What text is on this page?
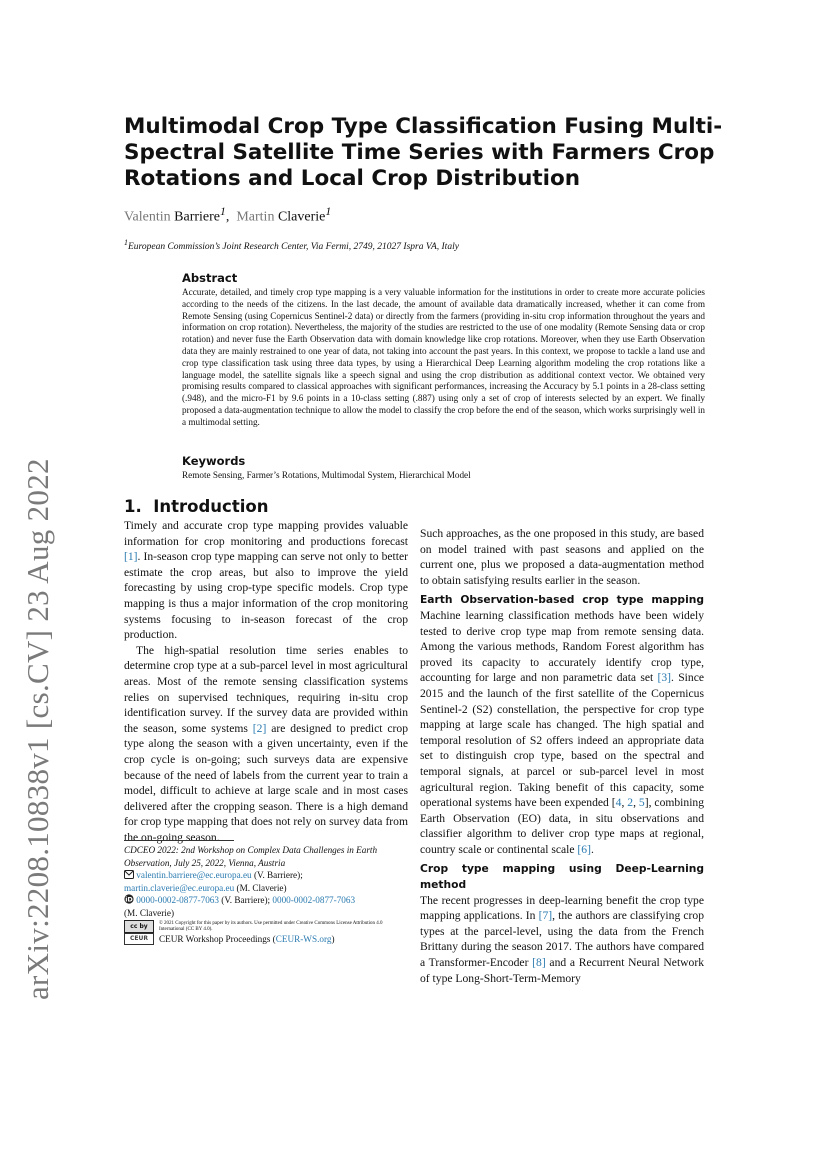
arXiv:2208.10838v1 [cs.CV] 23 Aug 2022
Multimodal Crop Type Classification Fusing Multi-Spectral Satellite Time Series with Farmers Crop Rotations and Local Crop Distribution
Valentin Barriere$^1$,  Martin Claverie$^1$
$^1$European Commission’s Joint Research Center, Via Fermi, 2749, 21027 Ispra VA, Italy
Abstract
Accurate, detailed, and timely crop type mapping is a very valuable information for the institutions in order to create more accurate policies according to the needs of the citizens. In the last decade, the amount of available data dramatically increased, whether it can come from Remote Sensing (using Copernicus Sentinel-2 data) or directly from the farmers (providing in-situ crop information throughout the years and information on crop rotation). Nevertheless, the majority of the studies are restricted to the use of one modality (Remote Sensing data or crop rotation) and never fuse the Earth Observation data with domain knowledge like crop rotations. Moreover, when they use Earth Observation data they are mainly restrained to one year of data, not taking into account the past years. In this context, we propose to tackle a land use and crop type classification task using three data types, by using a Hierarchical Deep Learning algorithm modeling the crop rotations like a language model, the satellite signals like a speech signal and using the crop distribution as additional context vector. We obtained very promising results compared to classical approaches with significant performances, increasing the Accuracy by 5.1 points in a 28-class setting (.948), and the micro-F1 by 9.6 points in a 10-class setting (.887) using only a set of crop of interests selected by an expert. We finally proposed a data-augmentation technique to allow the model to classify the crop before the end of the season, which works surprisingly well in a multimodal setting.
Keywords
Remote Sensing, Farmer’s Rotations, Multimodal System, Hierarchical Model
1. Introduction

Timely and accurate crop type mapping provides valuable information for crop monitoring and productions forecast [1]. In-season crop type mapping can serve not only to better estimate the crop areas, but also to improve the yield forecasting by using crop-type specific models. Crop type mapping is thus a major information of the crop monitoring systems focusing to in-season forecast of the crop production.

The high-spatial resolution time series enables to determine crop type at a sub-parcel level in most agricultural areas. Most of the remote sensing classification systems relies on supervised techniques, requiring in-situ crop identification survey. If the survey data are provided within the season, some systems [2] are designed to predict crop type along the season with a given uncertainty, even if the crop cycle is on-going; such surveys data are expensive because of the need of labels from the current year to train a model, difficult to achieve at large scale and in most cases delivered after the cropping season. There is a high demand for crop type mapping that does not rely on survey data from the on-going season.

Such approaches, as the one proposed in this study, are based on model trained with past seasons and applied on the current one, plus we proposed a data-augmentation method to obtain satisfying results earlier in the season.

Earth Observation-based crop type mapping Machine learning classification methods have been widely tested to derive crop type map from remote sensing data. Among the various methods, Random Forest algorithm has proved its capacity to accurately identify crop type, accounting for large and non parametric data set [3]. Since 2015 and the launch of the first satellite of the Copernicus Sentinel-2 (S2) constellation, the perspective for crop type mapping at large scale has changed. The high spatial and temporal resolution of S2 offers indeed an appropriate data set to distinguish crop type, based on the spectral and temporal signals, at parcel or sub-parcel level in most agricultural region. Taking benefit of this capacity, some operational systems have been expended [4, 2, 5], combining Earth Observation (EO) data, in situ observations and classifier algorithm to deliver crop type maps at regional, country scale or continental scale [6].

Crop type mapping using Deep-Learning method
The recent progresses in deep-learning benefit the crop type mapping applications. In [7], the authors are classifying crop types at the parcel-level, using the data from the French Brittany during the season 2017. The authors have compared a Transformer-Encoder [8] and a Recurrent Neural Network of type Long-Short-Term-Memory

CDCEO 2022: 2nd Workshop on Complex Data Challenges in Earth Observation, July 25, 2022, Vienna, Austria
valentin.barriere@ec.europa.eu (V. Barriere);
martin.claverie@ec.europa.eu (M. Claverie)
iD 0000-0002-0877-7063 (V. Barriere); 0000-0002-0877-7063
(M. Claverie)
cc by	© 2021 Copyright for this paper by its authors. Use permitted under Creative Commons License Attribution 4.0 International (CC BY 4.0).
CEUR	CEUR Workshop Proceedings (CEUR-WS.org)
